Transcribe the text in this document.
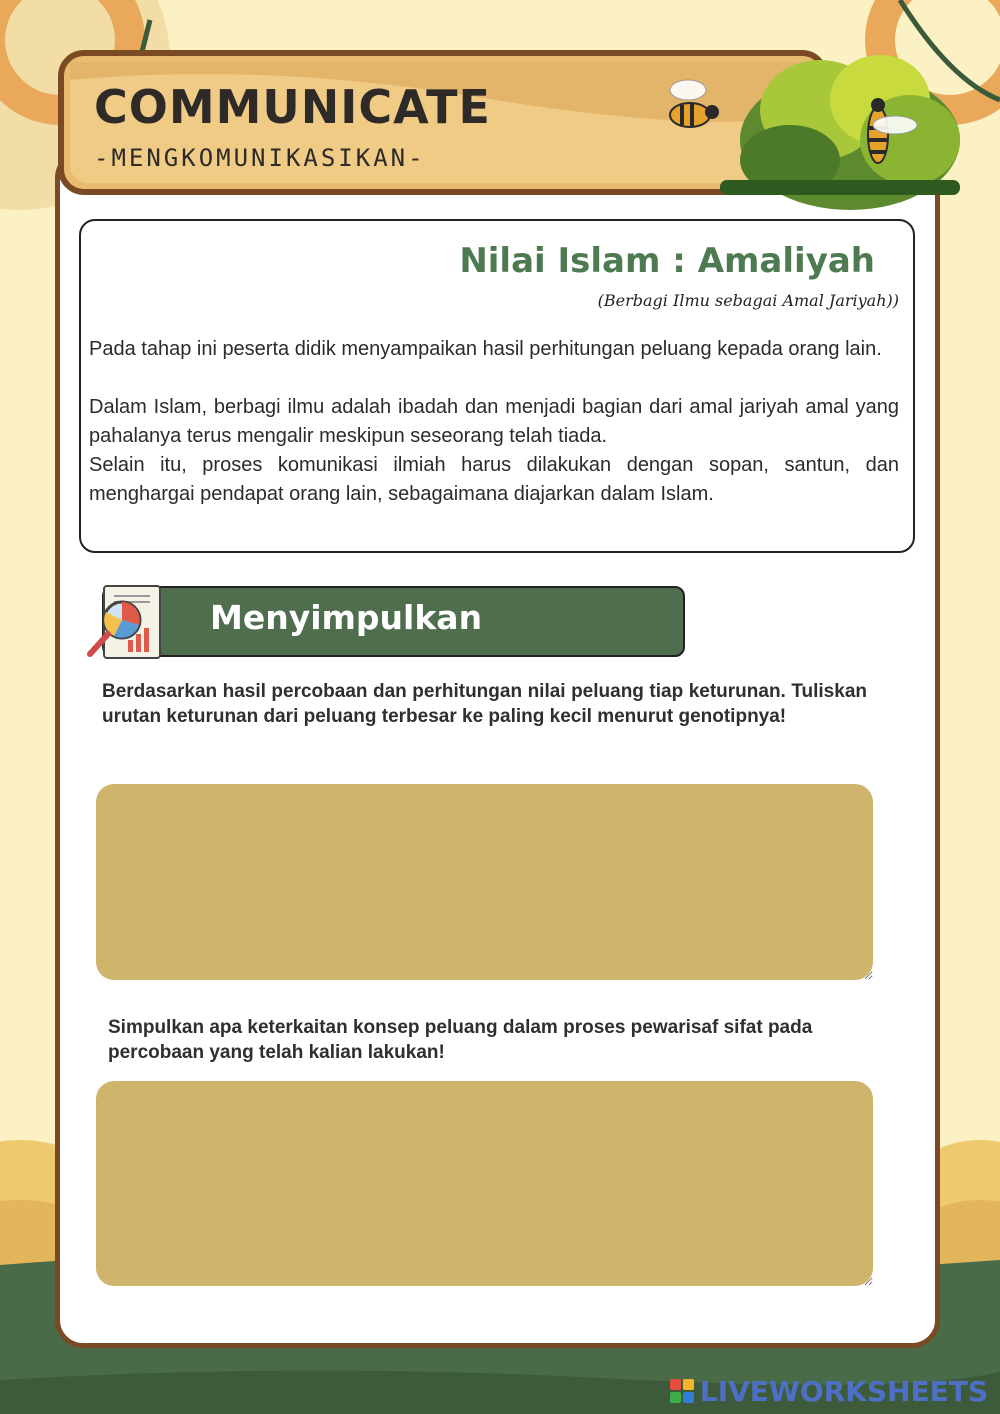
COMMUNICATE
-MENGKOMUNIKASIKAN-
Nilai Islam : Amaliyah
(Berbagi Ilmu sebagai Amal Jariyah))

Pada tahap ini peserta didik menyampaikan hasil perhitungan peluang kepada orang lain.

Dalam Islam, berbagi ilmu adalah ibadah dan menjadi bagian dari amal jariyah amal yang pahalanya terus mengalir meskipun seseorang telah tiada.

Selain itu, proses komunikasi ilmiah harus dilakukan dengan sopan, santun, dan menghargai pendapat orang lain, sebagaimana diajarkan dalam Islam.

Menyimpulkan
Berdasarkan hasil percobaan dan perhitungan nilai peluang tiap keturunan. Tuliskan urutan keturunan dari peluang terbesar ke paling kecil menurut genotipnya!
Simpulkan apa keterkaitan konsep peluang dalam proses pewarisaf sifat pada percobaan yang telah kalian lakukan!
LIVEWORKSHEETS
